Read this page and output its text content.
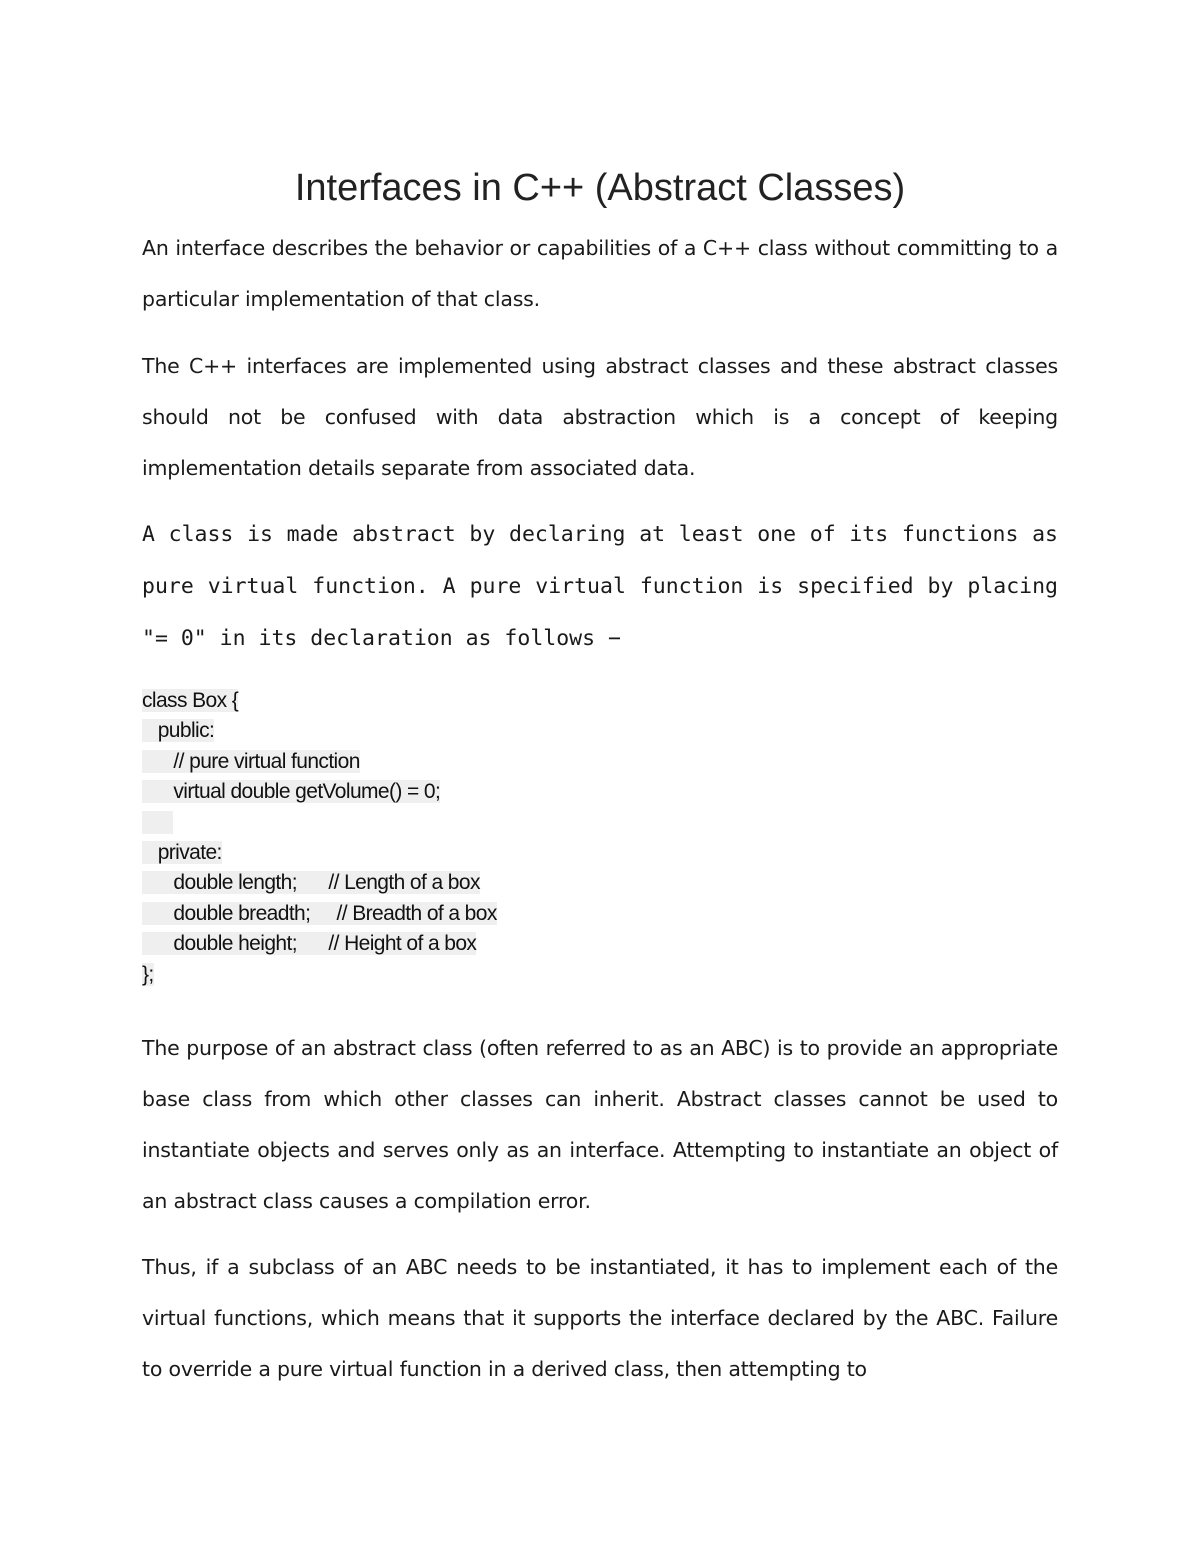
Interfaces in C++ (Abstract Classes)

An interface describes the behavior or capabilities of a C++ class without committing to a particular implementation of that class.

The C++ interfaces are implemented using abstract classes and these abstract classes should not be confused with data abstraction which is a concept of keeping implementation details separate from associated data.

A class is made abstract by declaring at least one of its functions as pure virtual function. A pure virtual function is specified by placing "= 0" in its declaration as follows −

class Box {
public:
// pure virtual function
virtual double getVolume() = 0;

private:
double length;      // Length of a box
double breadth;     // Breadth of a box
double height;      // Height of a box
};

The purpose of an abstract class (often referred to as an ABC) is to provide an appropriate base class from which other classes can inherit. Abstract classes cannot be used to instantiate objects and serves only as an interface. Attempting to instantiate an object of an abstract class causes a compilation error.

Thus, if a subclass of an ABC needs to be instantiated, it has to implement each of the virtual functions, which means that it supports the interface declared by the ABC. Failure to override a pure virtual function in a derived class, then attempting to
